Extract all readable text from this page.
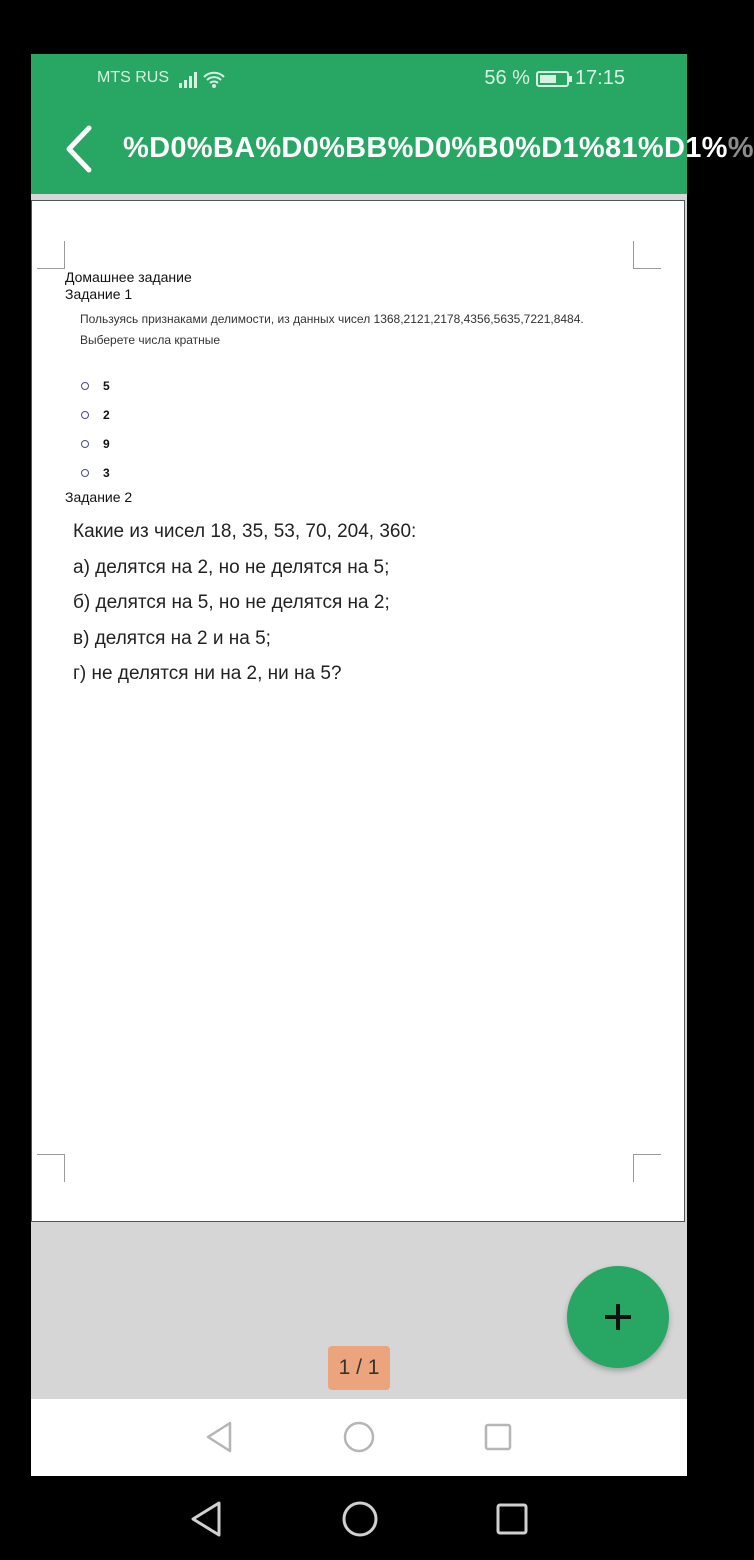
MTS RUS	56 % 17:15
%D0%BA%D0%BB%D0%B0%D1%81%D1%%
Домашнее задание
Задание 1
Пользуясь признаками делимости, из данных чисел 1368,2121,2178,4356,5635,7221,8484.
Выберете числа кратные
5
2
9
3
Задание 2

Какие из чисел 18, 35, 53, 70, 204, 360:

а) делятся на 2, но не делятся на 5;

б) делятся на 5, но не делятся на 2;

в) делятся на 2 и на 5;

г) не делятся ни на 2, ни на 5?

1 / 1
